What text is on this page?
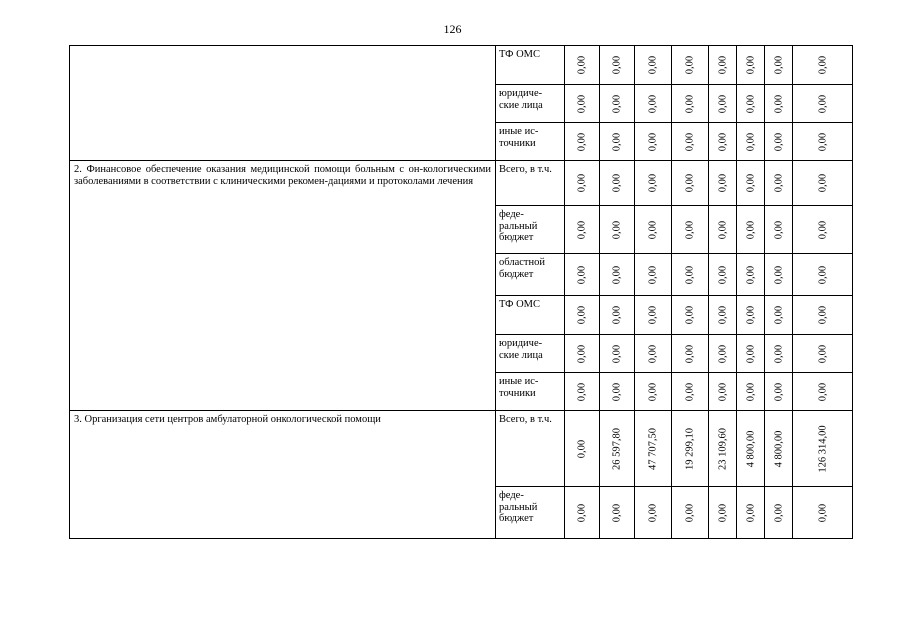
126
	ТФ ОМС	0,00	0,00	0,00	0,00	0,00	0,00	0,00	0,00

	юридиче-ские лица	0,00	0,00	0,00	0,00	0,00	0,00	0,00	0,00

	иные ис-точники	0,00	0,00	0,00	0,00	0,00	0,00	0,00	0,00

2. Финансовое обеспечение оказания медицинской помощи больным с он-кологическими заболеваниями в соответствии с клиническими рекомен-дациями и протоколами лечения	Всего, в т.ч.	0,00	0,00	0,00	0,00	0,00	0,00	0,00	0,00

	феде-ральный бюджет	0,00	0,00	0,00	0,00	0,00	0,00	0,00	0,00

	областной бюджет	0,00	0,00	0,00	0,00	0,00	0,00	0,00	0,00

	ТФ ОМС	0,00	0,00	0,00	0,00	0,00	0,00	0,00	0,00

	юридиче-ские лица	0,00	0,00	0,00	0,00	0,00	0,00	0,00	0,00

	иные ис-точники	0,00	0,00	0,00	0,00	0,00	0,00	0,00	0,00

3. Организация сети центров амбулаторной онкологической помощи	Всего, в т.ч.	0,00	26 597,80	47 707,50	19 299,10	23 109,60	4 800,00	4 800,00	126 314,00

	феде-ральный бюджет	0,00	0,00	0,00	0,00	0,00	0,00	0,00	0,00
